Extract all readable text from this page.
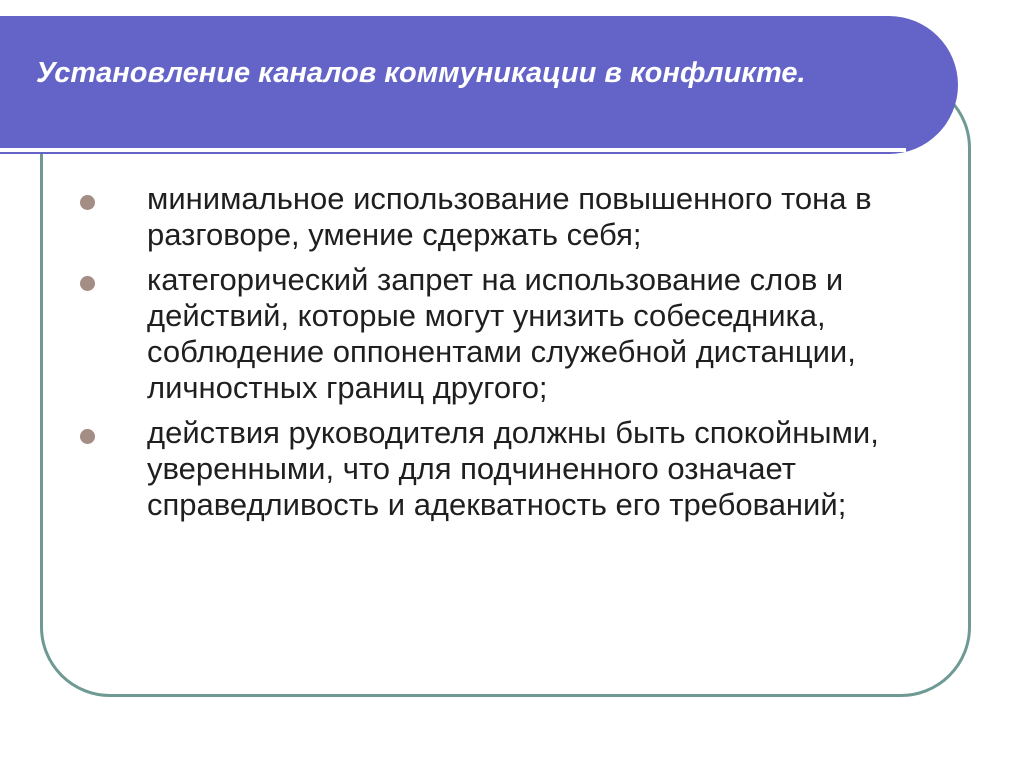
Установление каналов коммуникации в конфликте.
минимальное использование повышенного тона в разговоре, умение сдержать себя;
категорический запрет на использование слов и действий, которые могут унизить собеседника, соблюдение оппонентами служебной дистанции, личностных границ другого;
действия руководителя должны быть спокойными, уверенными, что для подчиненного означает справедливость и адекватность его требований;
